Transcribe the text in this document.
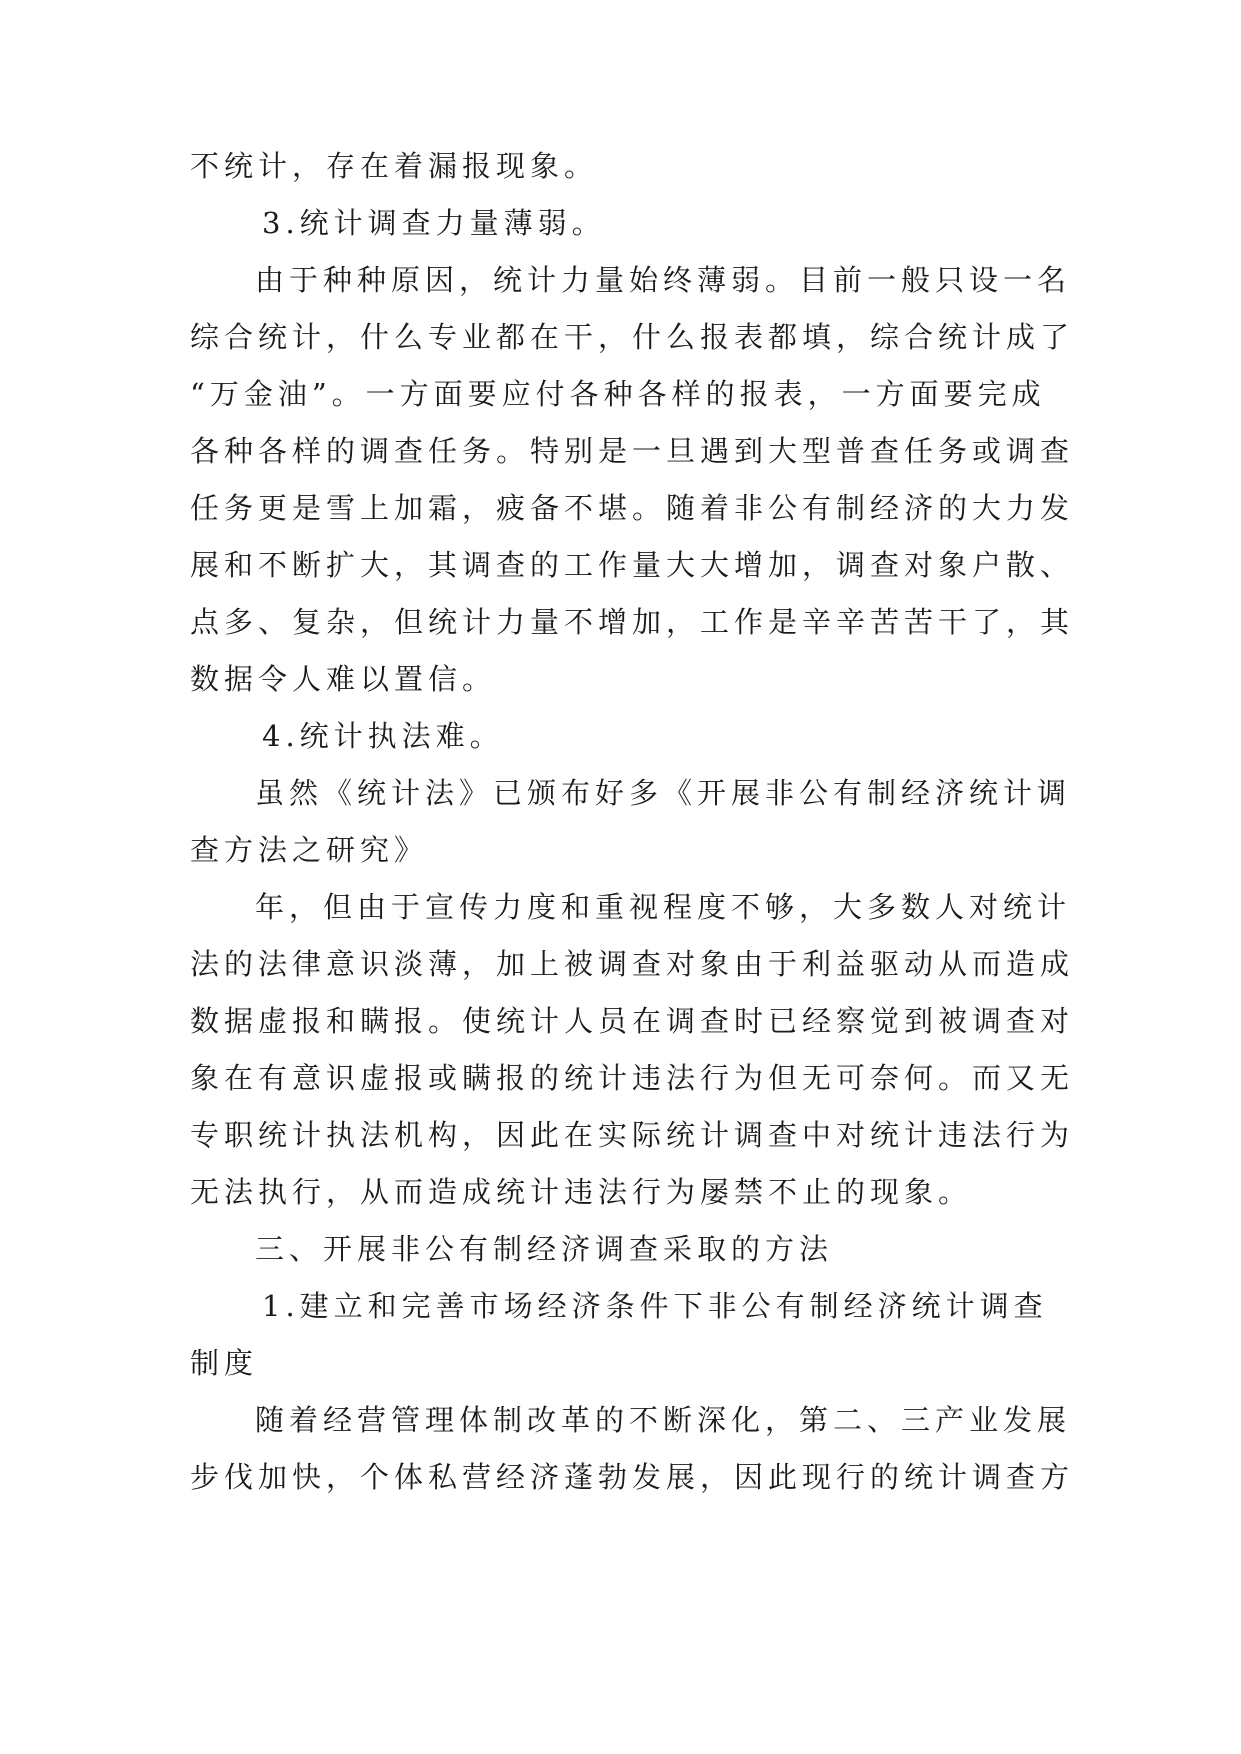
不统计，存在着漏报现象。

3.统计调查力量薄弱。

由于种种原因，统计力量始终薄弱。目前一般只设一名

综合统计，什么专业都在干，什么报表都填，综合统计成了

“万金油”。一方面要应付各种各样的报表，一方面要完成

各种各样的调查任务。特别是一旦遇到大型普查任务或调查

任务更是雪上加霜，疲备不堪。随着非公有制经济的大力发

展和不断扩大，其调查的工作量大大增加，调查对象户散、

点多、复杂，但统计力量不增加，工作是辛辛苦苦干了，其

数据令人难以置信。

4.统计执法难。

虽然《统计法》已颁布好多《开展非公有制经济统计调

查方法之研究》

年，但由于宣传力度和重视程度不够，大多数人对统计

法的法律意识淡薄，加上被调查对象由于利益驱动从而造成

数据虚报和瞒报。使统计人员在调查时已经察觉到被调查对

象在有意识虚报或瞒报的统计违法行为但无可奈何。而又无

专职统计执法机构，因此在实际统计调查中对统计违法行为

无法执行，从而造成统计违法行为屡禁不止的现象。

三、开展非公有制经济调查采取的方法

1.建立和完善市场经济条件下非公有制经济统计调查

制度

随着经营管理体制改革的不断深化，第二、三产业发展

步伐加快，个体私营经济蓬勃发展，因此现行的统计调查方
